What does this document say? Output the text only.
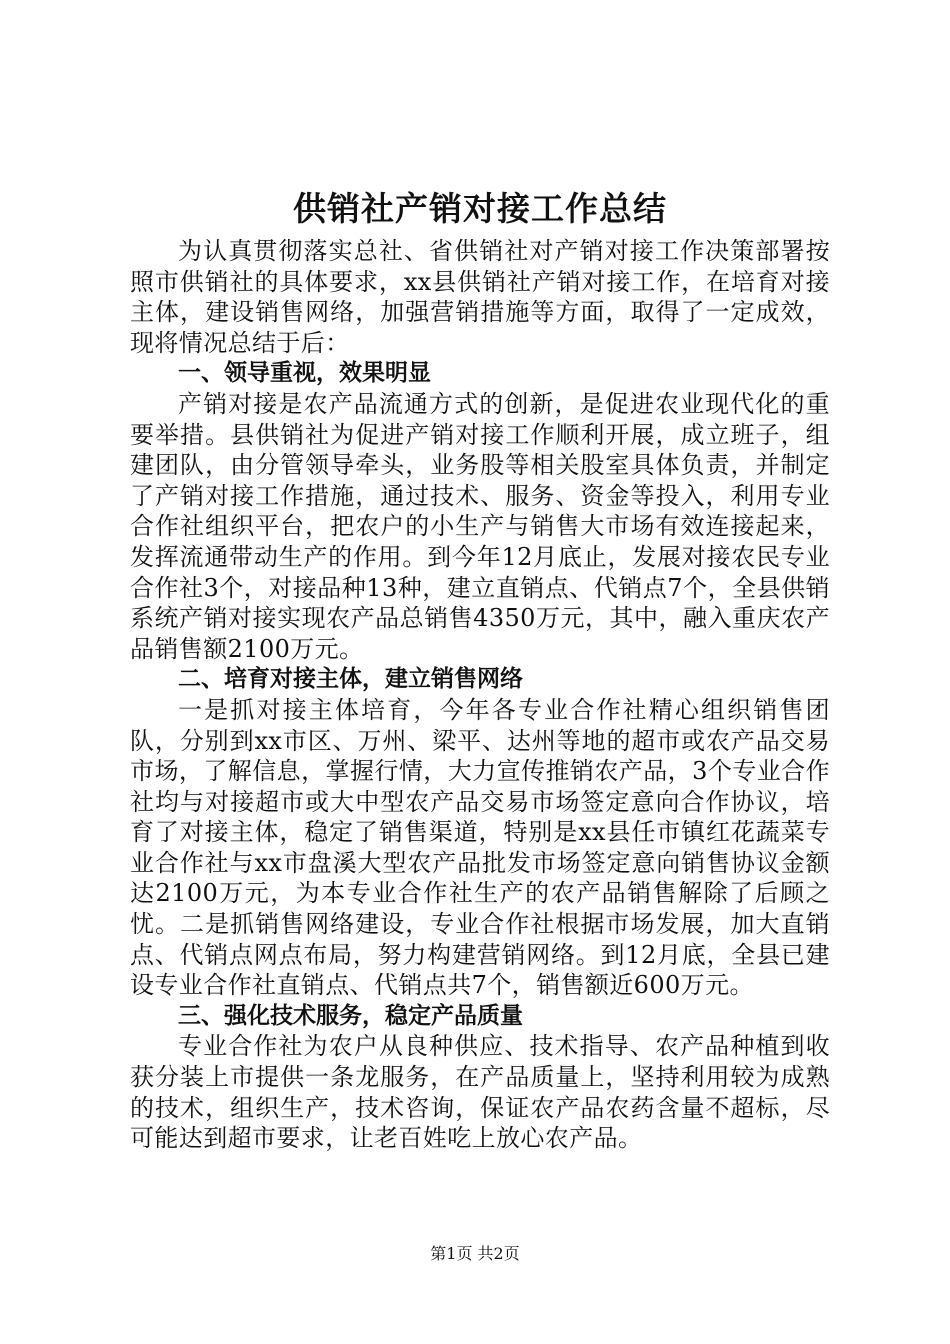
供销社产销对接工作总结

为认真贯彻落实总社、省供销社对产销对接工作决策部署按照市供销社的具体要求，xx县供销社产销对接工作，在培育对接主体，建设销售网络，加强营销措施等方面，取得了一定成效，现将情况总结于后：

一、领导重视，效果明显

产销对接是农产品流通方式的创新，是促进农业现代化的重要举措。县供销社为促进产销对接工作顺利开展，成立班子，组建团队，由分管领导牵头，业务股等相关股室具体负责，并制定了产销对接工作措施，通过技术、服务、资金等投入，利用专业合作社组织平台，把农户的小生产与销售大市场有效连接起来，发挥流通带动生产的作用。到今年12月底止，发展对接农民专业合作社3个，对接品种13种，建立直销点、代销点7个，全县供销系统产销对接实现农产品总销售4350万元，其中，融入重庆农产品销售额2100万元。

二、培育对接主体，建立销售网络

一是抓对接主体培育，今年各专业合作社精心组织销售团队，分别到xx市区、万州、梁平、达州等地的超市或农产品交易市场，了解信息，掌握行情，大力宣传推销农产品，3个专业合作社均与对接超市或大中型农产品交易市场签定意向合作协议，培育了对接主体，稳定了销售渠道，特别是xx县任市镇红花蔬菜专业合作社与xx市盘溪大型农产品批发市场签定意向销售协议金额达2100万元，为本专业合作社生产的农产品销售解除了后顾之忧。二是抓销售网络建设，专业合作社根据市场发展，加大直销点、代销点网点布局，努力构建营销网络。到12月底，全县已建设专业合作社直销点、代销点共7个，销售额近600万元。

三、强化技术服务，稳定产品质量

专业合作社为农户从良种供应、技术指导、农产品种植到收获分装上市提供一条龙服务，在产品质量上，坚持利用较为成熟的技术，组织生产，技术咨询，保证农产品农药含量不超标，尽可能达到超市要求，让老百姓吃上放心农产品。

第1页 共2页
